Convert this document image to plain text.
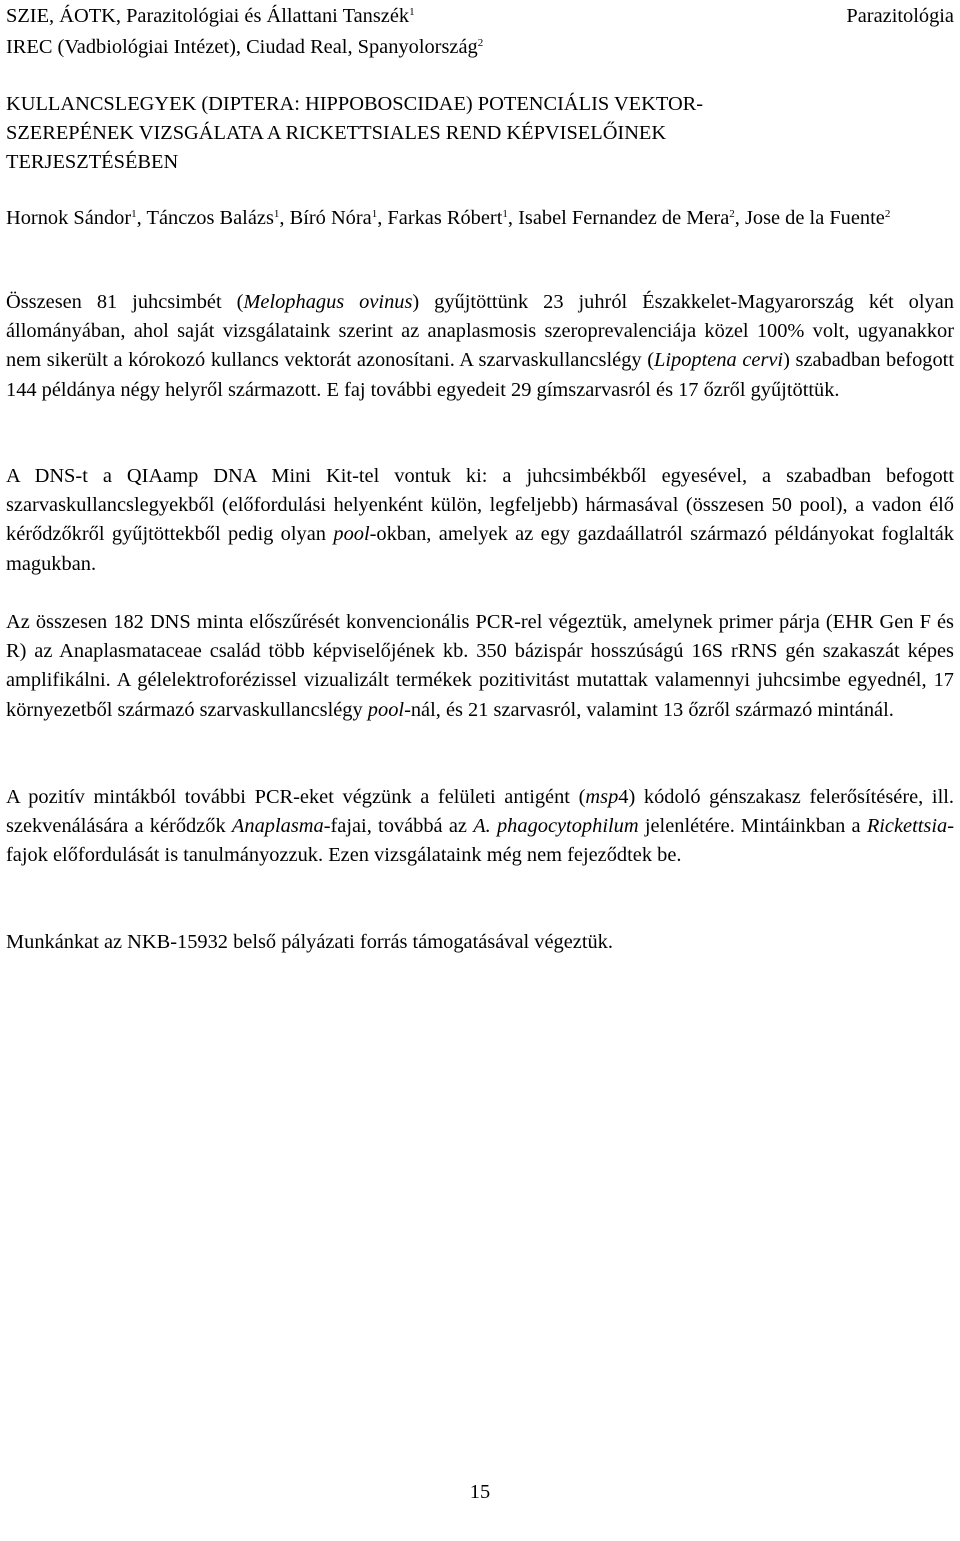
SZIE, ÁOTK, Parazitológiai és Állattani Tanszék$^1$
IREC (Vadbiológiai Intézet), Ciudad Real, Spanyolország$^2$
Parazitológia
KULLANCSLEGYEK (DIPTERA: HIPPOBOSCIDAE) POTENCIÁLIS VEKTOR-
SZEREPÉNEK VIZSGÁLATA A RICKETTSIALES REND KÉPVISELŐINEK
TERJESZTÉSÉBEN
Hornok Sándor$^1$, Tánczos Balázs$^1$, Bíró Nóra$^1$, Farkas Róbert$^1$, Isabel Fernandez de Mera$^2$, Jose de la Fuente$^2$

Összesen 81 juhcsimbét (Melophagus ovinus) gyűjtöttünk 23 juhról Északkelet-Magyarország két olyan állományában, ahol saját vizsgálataink szerint az anaplasmosis szeroprevalenciája közel 100% volt, ugyanakkor nem sikerült a kórokozó kullancs vektorát azonosítani. A szarvaskullancslégy (Lipoptena cervi) szabadban befogott 144 példánya négy helyről származott. E faj további egyedeit 29 gímszarvasról és 17 őzről gyűjtöttük.

A DNS-t a QIAamp DNA Mini Kit-tel vontuk ki: a juhcsimbékből egyesével, a szabadban befogott szarvaskullancslegyekből (előfordulási helyenként külön, legfeljebb) hármasával (összesen 50 pool), a vadon élő kérődzőkről gyűjtöttekből pedig olyan pool-okban, amelyek az egy gazdaállatról származó példányokat foglalták magukban.

Az összesen 182 DNS minta előszűrését konvencionális PCR-rel végeztük, amelynek primer párja (EHR Gen F és R) az Anaplasmataceae család több képviselőjének kb. 350 bázispár hosszúságú 16S rRNS gén szakaszát képes amplifikálni. A gélelektroforézissel vizualizált termékek pozitivitást mutattak valamennyi juhcsimbe egyednél, 17 környezetből származó szarvaskullancslégy pool-nál, és 21 szarvasról, valamint 13 őzről származó mintánál.

A pozitív mintákból további PCR-eket végzünk a felületi antigént (msp4) kódoló génszakasz felerősítésére, ill. szekvenálására a kérődzők Anaplasma-fajai, továbbá az A. phagocytophilum jelenlétére. Mintáinkban a Rickettsia-fajok előfordulását is tanulmányozzuk. Ezen vizsgálataink még nem fejeződtek be.

Munkánkat az NKB-15932 belső pályázati forrás támogatásával végeztük.

15
